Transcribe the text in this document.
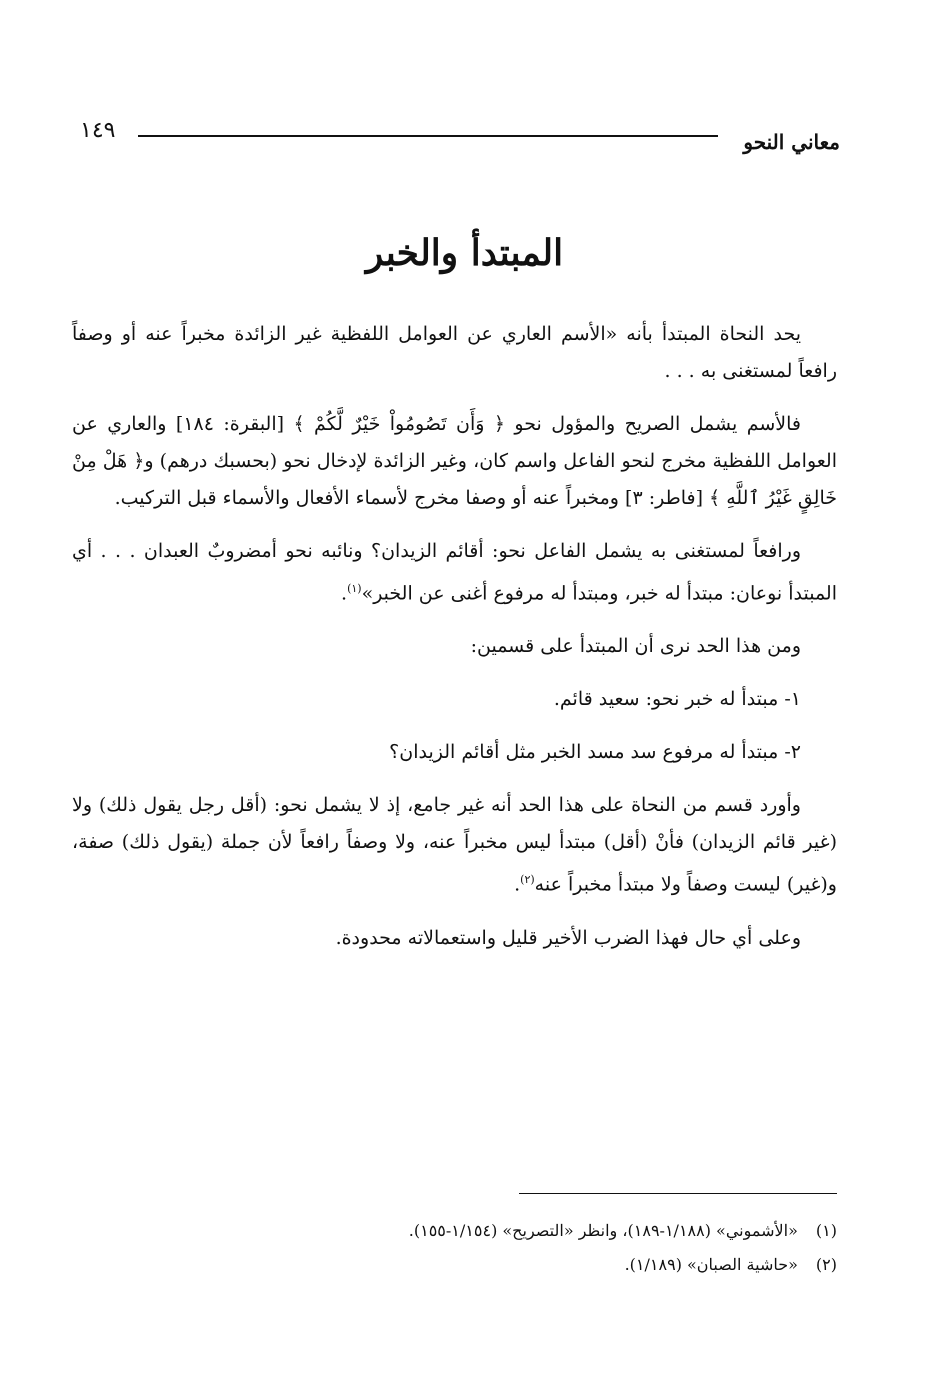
١٤٩	معاني النحو
المبتدأ والخبر

يحد النحاة المبتدأ بأنه «الأسم العاري عن العوامل اللفظية غير الزائدة مخبراً عنه أو وصفاً رافعاً لمستغنى به . . .

فالأسم يشمل الصريح والمؤول نحو ﴿ وَأَن تَصُومُواْ خَيْرٌ لَّكُمْ ﴾ [البقرة: ١٨٤] والعاري عن العوامل اللفظية مخرج لنحو الفاعل واسم كان، وغير الزائدة لإدخال نحو (بحسبك درهم) و﴿ هَلْ مِنْ خَالِقٍ غَيْرُ ٱللَّهِ ﴾ [فاطر: ٣] ومخبراً عنه أو وصفا مخرج لأسماء الأفعال والأسماء قبل التركيب.

ورافعاً لمستغنى به يشمل الفاعل نحو: أقائم الزيدان؟ ونائبه نحو أمضروبٌ العبدان . . . أي المبتدأ نوعان: مبتدأ له خبر، ومبتدأ له مرفوع أغنى عن الخبر»$^{(١)}$.

ومن هذا الحد نرى أن المبتدأ على قسمين:

١- مبتدأ له خبر نحو: سعيد قائم.

٢- مبتدأ له مرفوع سد مسد الخبر مثل أقائم الزيدان؟

وأورد قسم من النحاة على هذا الحد أنه غير جامع، إذ لا يشمل نحو: (أقل رجل يقول ذلك) ولا (غير قائم الزيدان) فأنْ (أقل) مبتدأ ليس مخبراً عنه، ولا وصفاً رافعاً لأن جملة (يقول ذلك) صفة، و(غير) ليست وصفاً ولا مبتدأ مخبراً عنه$^{(٢)}$.

وعلى أي حال فهذا الضرب الأخير قليل واستعمالاته محدودة.

(١) «الأشموني» (١/١٨٨-١٨٩)، وانظر «التصريح» (١/١٥٤-١٥٥).

(٢) «حاشية الصبان» (١/١٨٩).
